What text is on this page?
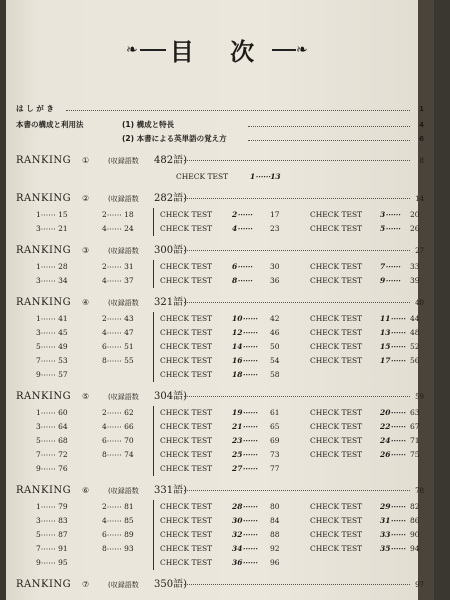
❧ 目 次	❧
は し が き	1
本書の構成と利用法	(1) 構成と特長	4
(2) 本書による英単語の覚え方	6
RANKING ①	(収録語数 482語)	8
CHECK TEST	1⋯⋯13
RANKING ②	(収録語数 282語)	14
1⋯⋯ 15	2⋯⋯ 18	CHECK TEST	2⋯⋯ 17	CHECK TEST 3⋯⋯ 20
3⋯⋯ 21	4⋯⋯ 24	CHECK TEST	4⋯⋯ 23	CHECK TEST 5⋯⋯ 26
RANKING ③	(収録語数 300語)	27
1⋯⋯ 28	2⋯⋯ 31	CHECK TEST	6⋯⋯ 30	CHECK TEST 7⋯⋯ 33
3⋯⋯ 34	4⋯⋯ 37	CHECK TEST	8⋯⋯ 36	CHECK TEST 9⋯⋯ 39
RANKING ④	(収録語数 321語)	40
1⋯⋯ 41	2⋯⋯ 43	CHECK TEST	10⋯⋯ 42	CHECK TEST 11⋯⋯ 44
3⋯⋯ 45	4⋯⋯ 47	CHECK TEST	12⋯⋯ 46	CHECK TEST 13⋯⋯ 48
5⋯⋯ 49	6⋯⋯ 51	CHECK TEST	14⋯⋯ 50	CHECK TEST 15⋯⋯ 52
7⋯⋯ 53	8⋯⋯ 55	CHECK TEST	16⋯⋯ 54	CHECK TEST 17⋯⋯ 56
9⋯⋯ 57	CHECK TEST	18⋯⋯ 58
RANKING ⑤	(収録語数 304語)	59
1⋯⋯ 60	2⋯⋯ 62	CHECK TEST	19⋯⋯ 61	CHECK TEST 20⋯⋯ 63
3⋯⋯ 64	4⋯⋯ 66	CHECK TEST	21⋯⋯ 65	CHECK TEST 22⋯⋯ 67
5⋯⋯ 68	6⋯⋯ 70	CHECK TEST	23⋯⋯ 69	CHECK TEST 24⋯⋯ 71
7⋯⋯ 72	8⋯⋯ 74	CHECK TEST	25⋯⋯ 73	CHECK TEST 26⋯⋯ 75
9⋯⋯ 76	CHECK TEST	27⋯⋯ 77
RANKING ⑥	(収録語数 331語)	78
1⋯⋯ 79	2⋯⋯ 81	CHECK TEST	28⋯⋯ 80	CHECK TEST 29⋯⋯ 82
3⋯⋯ 83	4⋯⋯ 85	CHECK TEST	30⋯⋯ 84	CHECK TEST 31⋯⋯ 86
5⋯⋯ 87	6⋯⋯ 89	CHECK TEST	32⋯⋯ 88	CHECK TEST 33⋯⋯ 90
7⋯⋯ 91	8⋯⋯ 93	CHECK TEST	34⋯⋯ 92	CHECK TEST 35⋯⋯ 94
9⋯⋯ 95	CHECK TEST	36⋯⋯ 96
RANKING ⑦	(収録語数 350語)	97
